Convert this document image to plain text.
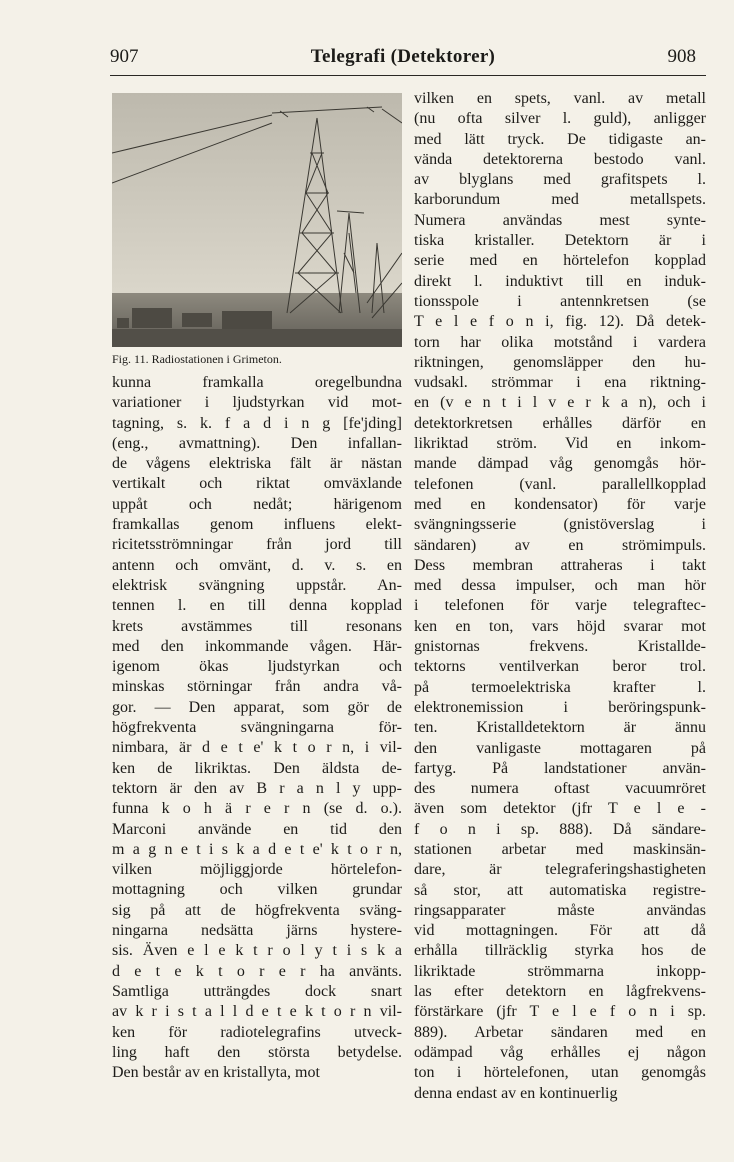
907	Telegrafi (Detektorer)	908
Fig. 11. Radiostationen i Grimeton.
kunna framkalla oregelbundna
variationer i ljudstyrkan vid mot-
tagning, s. k. f a d i n g [fe'jding]
(eng., avmattning). Den infallan-
de vågens elektriska fält är nästan
vertikalt och riktat omväxlande
uppåt och nedåt; härigenom
framkallas genom influens elekt-
ricitetsströmningar från jord till
antenn och omvänt, d. v. s. en
elektrisk svängning uppstår. An-
tennen l. en till denna kopplad
krets avstämmes till resonans
med den inkommande vågen. Här-
igenom ökas ljudstyrkan och
minskas störningar från andra vå-
gor. — Den apparat, som gör de
högfrekventa svängningarna för-
nimbara, är d e t e' k t o r n, i vil-
ken de likriktas. Den äldsta de-
tektorn är den av B r a n l y upp-
funna k o h ä r e r n (se d. o.).
Marconi använde en tid den
m a g n e t i s k a d e t e' k t o r n,
vilken möjliggjorde hörtelefon-
mottagning och vilken grundar
sig på att de högfrekventa sväng-
ningarna nedsätta järns hystere-
sis. Även e l e k t r o l y t i s k a
d e t e k t o r e r ha använts.
Samtliga utträngdes dock snart
av k r i s t a l l d e t e k t o r n vil-
ken för radiotelegrafins utveck-
ling haft den största betydelse.
Den består av en kristallyta, mot
vilken en spets, vanl. av metall
(nu ofta silver l. guld), anligger
med lätt tryck. De tidigaste an-
vända detektorerna bestodo vanl.
av blyglans med grafitspets l.
karborundum med metallspets.
Numera användas mest synte-
tiska kristaller. Detektorn är i
serie med en hörtelefon kopplad
direkt l. induktivt till en induk-
tionsspole i antennkretsen (se
T e l e f o n i, fig. 12). Då detek-
torn har olika motstånd i vardera
riktningen, genomsläpper den hu-
vudsakl. strömmar i ena riktning-
en (v e n t i l v e r k a n), och i
detektorkretsen erhålles därför en
likriktad ström. Vid en inkom-
mande dämpad våg genomgås hör-
telefonen (vanl. parallellkopplad
med en kondensator) för varje
svängningsserie (gnistöverslag i
sändaren) av en strömimpuls.
Dess membran attraheras i takt
med dessa impulser, och man hör
i telefonen för varje telegraftec-
ken en ton, vars höjd svarar mot
gnistornas frekvens. Kristallde-
tektorns ventilverkan beror trol.
på termoelektriska krafter l.
elektronemission i beröringspunk-
ten. Kristalldetektorn är ännu
den vanligaste mottagaren på
fartyg. På landstationer använ-
des numera oftast vacuumröret
även som detektor (jfr T e l e -
f o n i sp. 888). Då sändare-
stationen arbetar med maskinsän-
dare, är telegraferingshastigheten
så stor, att automatiska registre-
ringsapparater måste användas
vid mottagningen. För att då
erhålla tillräcklig styrka hos de
likriktade strömmarna inkopp-
las efter detektorn en lågfrekvens-
förstärkare (jfr T e l e f o n i sp.
889). Arbetar sändaren med en
odämpad våg erhålles ej någon
ton i hörtelefonen, utan genomgås
denna endast av en kontinuerlig
